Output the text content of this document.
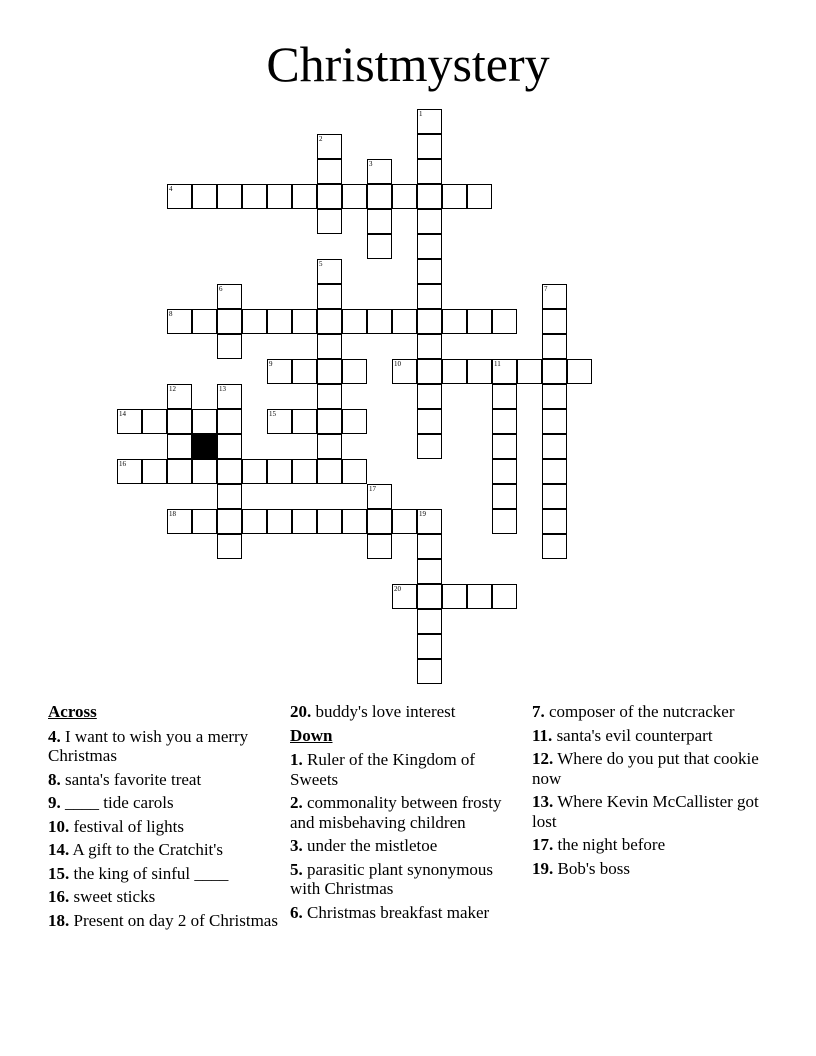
Christmystery
1
2
3
4
5
6	7
8
9	10	11
12	13
14	15
16
17
18	19
20
Across
4. I want to wish you a merry Christmas
8. santa's favorite treat
9. ____ tide carols
10. festival of lights
14. A gift to the Cratchit's
15. the king of sinful ____
16. sweet sticks
18. Present on day 2 of Christmas
20. buddy's love interest
Down
1. Ruler of the Kingdom of Sweets
2. commonality between frosty and misbehaving children
3. under the mistletoe
5. parasitic plant synonymous with Christmas
6. Christmas breakfast maker
7. composer of the nutcracker
11. santa's evil counterpart
12. Where do you put that cookie now
13. Where Kevin McCallister got lost
17. the night before
19. Bob's boss
